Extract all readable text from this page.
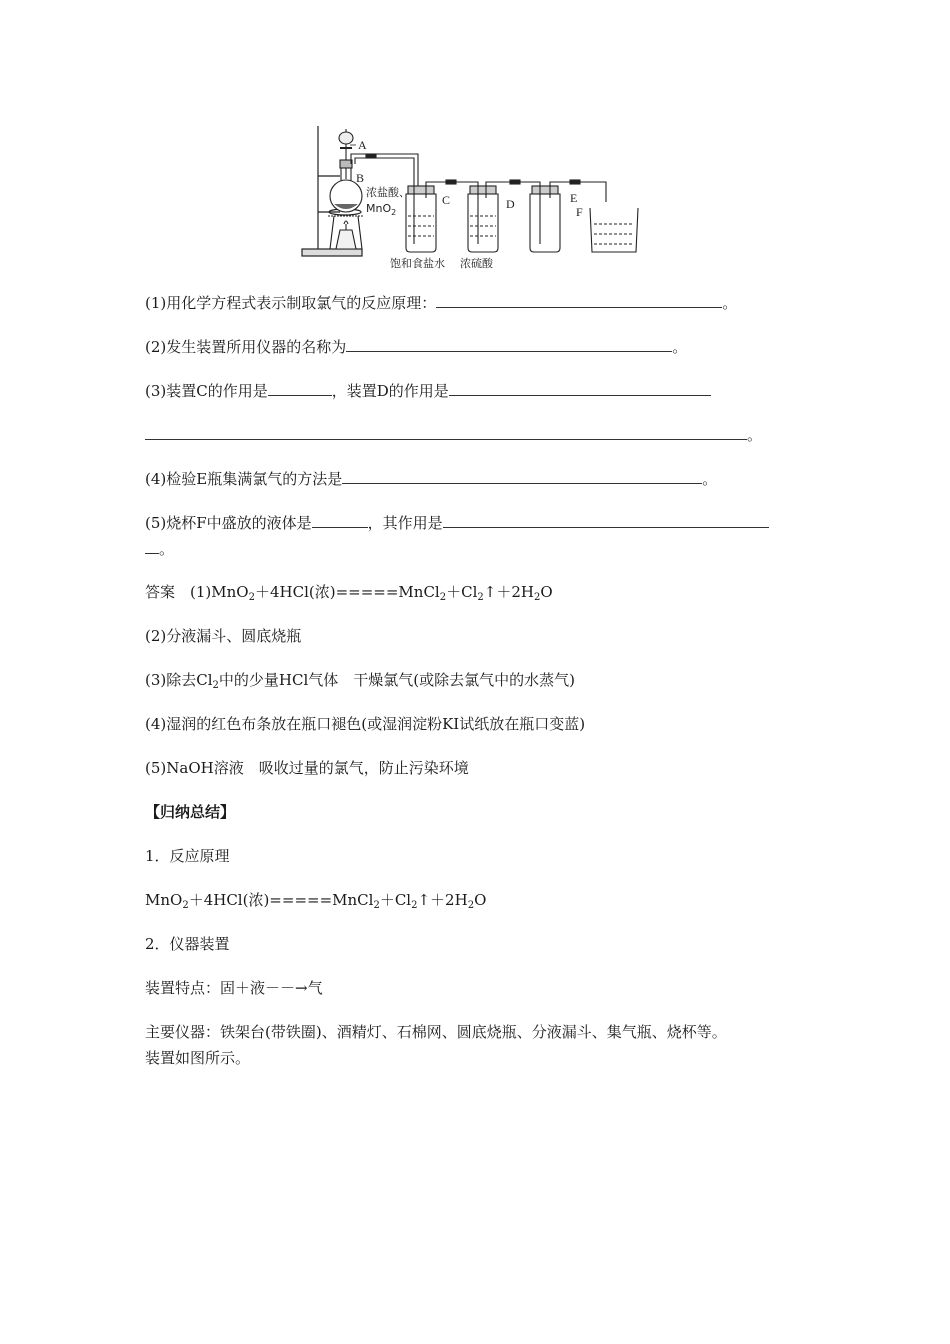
A
B
浓盐酸、
MnO$_2$
C	D	E
F
饱和食盐水 浓硫酸
(1)用化学方程式表示制取氯气的反应原理：	。
(2)发生装置所用仪器的名称为	。
(3)装置C的作用是	，装置D的作用是
。
(4)检验E瓶集满氯气的方法是	。
(5)烧杯F中盛放的液体是	，其作用是
。
答案　 (1)MnO$_2$＋4HCl(浓)$=====MnCl_2+Cl_2↑+2H_2O$
(2)分液漏斗、圆底烧瓶
(3)除去$Cl_2$中的少量HCl气体　干燥氯气(或除去氯气中的水蒸气)
(4)湿润的红色布条放在瓶口褪色(或湿润淀粉KI试纸放在瓶口变蓝)
(5)NaOH溶液　吸收过量的氯气，防止污染环境
【归纳总结】
1．反应原理
MnO$_2$＋4HCl(浓)$=====MnCl_2+Cl_2↑+2H_2O$
2．仪器装置
装置特点：固＋液－－→气
主要仪器：铁架台(带铁圈)、酒精灯、石棉网、圆底烧瓶、分液漏斗、集气瓶、烧杯等。
装置如图所示。
